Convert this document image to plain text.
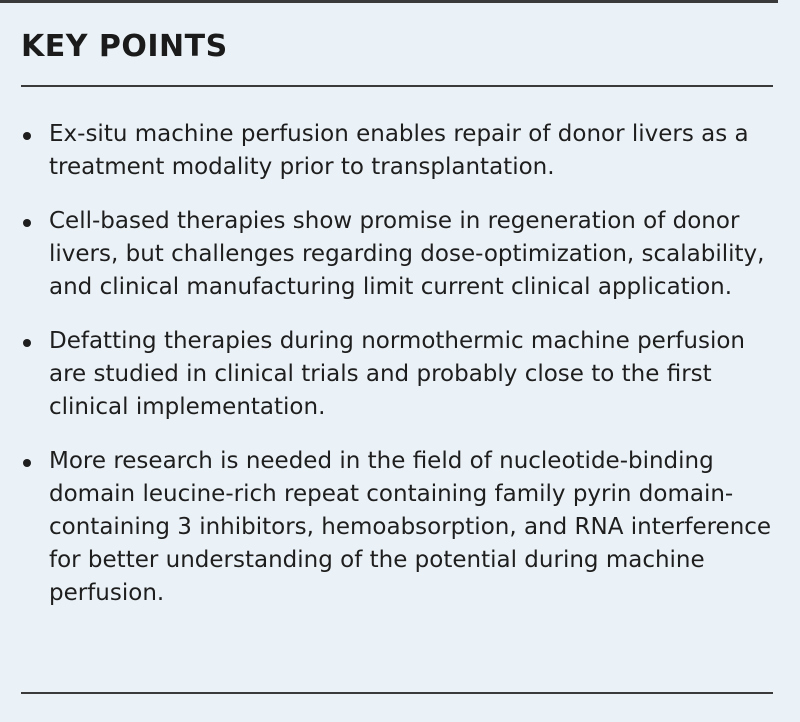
KEY POINTS
Ex-situ machine perfusion enables repair of donor livers as a treatment modality prior to transplantation.
Cell-based therapies show promise in regeneration of donor livers, but challenges regarding dose-optimization, scalability, and clinical manufacturing limit current clinical application.
Defatting therapies during normothermic machine perfusion are studied in clinical trials and probably close to the first clinical implementation.
More research is needed in the field of nucleotide-binding domain leucine-rich repeat containing family pyrin domain-containing 3 inhibitors, hemoabsorption, and RNA interference for better understanding of the potential during machine perfusion.
